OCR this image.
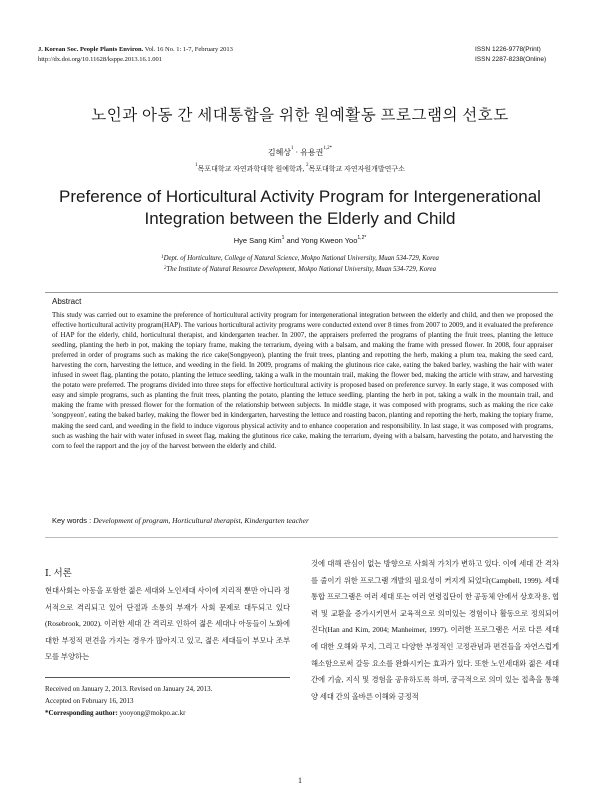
J. Korean Soc. People Plants Environ. Vol. 16 No. 1: 1-7, February 2013
http://dx.doi.org/10.11628/ksppe.2013.16.1.001
ISSN 1226-9778(Print)
ISSN 2287-8238(Online)
노인과 아동 간 세대통합을 위한 원예활동 프로그램의 선호도
김혜상$^1$ · 유용권$^{1,2*}$
$^1$목포대학교 자연과학대학 원예학과, $^2$목포대학교 자연자원개발연구소
Preference of Horticultural Activity Program for Intergenerational
Integration between the Elderly and Child
Hye Sang Kim$^1$ and Yong Kweon Yoo$^{1,2*}$
$^1$Dept. of Horticulture, College of Natural Science, Mokpo National University, Muan 534-729, Korea
$^2$The Institute of Natural Resource Development, Mokpo National University, Muan 534-729, Korea
Abstract
This study was carried out to examine the preference of horticultural activity program for intergenerational integration between the elderly and child, and then we proposed the effective horticultural activity program(HAP). The various horticultural activity programs were conducted extend over 8 times from 2007 to 2009, and it evaluated the preference of HAP for the elderly, child, horticultural therapist, and kindergarten teacher. In 2007, the appraisers preferred the programs of planting the fruit trees, planting the lettuce seedling, planting the herb in pot, making the topiary frame, making the terrarium, dyeing with a balsam, and making the frame with pressed flower. In 2008, four appraiser preferred in order of programs such as making the rice cake(Songpyeon), planting the fruit trees, planting and repotting the herb, making a plum tea, making the seed card, harvesting the corn, harvesting the lettuce, and weeding in the field. In 2009, programs of making the glutinous rice cake, eating the baked barley, washing the hair with water infused in sweet flag, planting the potato, planting the lettuce seedling, taking a walk in the mountain trail, making the flower bed, making the article with straw, and harvesting the potato were preferred. The programs divided into three steps for effective horticultural activity is proposed based on preference survey. In early stage, it was composed with easy and simple programs, such as planting the fruit trees, planting the potato, planting the lettuce seedling, planting the herb in pot, taking a walk in the mountain trail, and making the frame with pressed flower for the formation of the relationship between subjects. In middle stage, it was composed with programs, such as making the rice cake 'songpyeon', eating the baked barley, making the flower bed in kindergarten, harvesting the lettuce and roasting bacon, planting and repotting the herb, making the topiary frame, making the seed card, and weeding in the field to induce vigorous physical activity and to enhance cooperation and responsibility. In last stage, it was composed with programs, such as washing the hair with water infused in sweet flag, making the glutinous rice cake, making the terrarium, dyeing with a balsam, harvesting the potato, and harvesting the corn to feel the rapport and the joy of the harvest between the elderly and child.
Key words : Development of program, Horticultural therapist, Kindergarten teacher
Ⅰ. 서론
현대사회는 아동을 포함한 젊은 세대와 노인세대 사이에 지리적 뿐만 아니라 정서적으로 격리되고 있어 단절과 소통의 부재가 사회 문제로 대두되고 있다(Rosebrook, 2002). 이러한 세대 간 격리로 인하여 젊은 세대나 아동들이 노화에 대한 부정적 편견을 가지는 경우가 많아지고 있고, 젊은 세대들이 부모나 조부모를 부양하는
것에 대해 관심이 없는 방향으로 사회적 가치가 변하고 있다. 이에 세대 간 격차를 줄이기 위한 프로그램 개발의 필요성이 커지게 되었다(Campbell, 1999). 세대통합 프로그램은 여러 세대 또는 여러 연령집단이 한 공동체 안에서 상호작용, 협력 및 교환을 증가시키면서 교육적으로 의미있는 경험이나 활동으로 정의되어 진다(Han and Kim, 2004; Manheimer, 1997). 이러한 프로그램은 서로 다른 세대에 대한 오해와 무지, 그리고 다양한 부정적인 고정관념과 편견들을 자연스럽게 해소함으로써 갈등 요소를 완화시키는 효과가 있다. 또한 노인세대와 젊은 세대 간에 기술, 지식 및 경험을 공유하도록 하며, 궁극적으로 의미 있는 접촉을 통해 양 세대 간의 올바른 이해와 긍정적
Received on January 2, 2013. Revised on January 24, 2013.
Accepted on February 16, 2013
*Corresponding author: yooyong@mokpo.ac.kr
1
